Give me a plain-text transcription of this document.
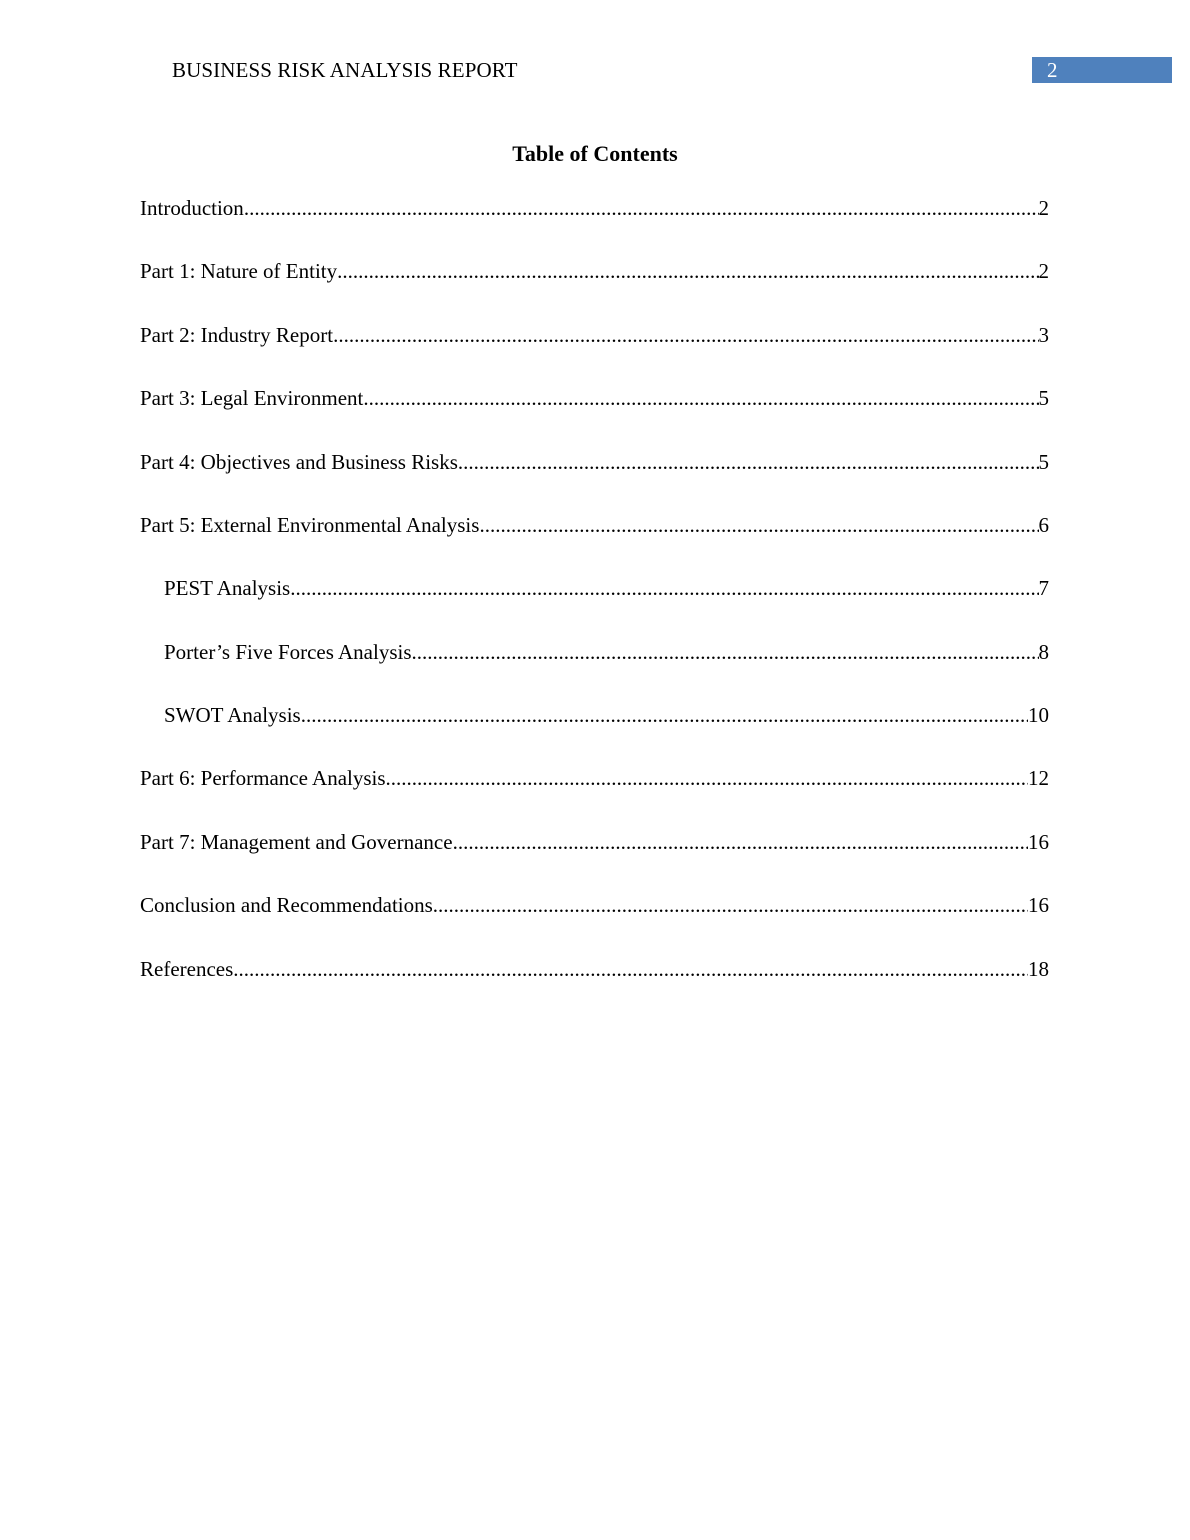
BUSINESS RISK ANALYSIS REPORT	2
Table of Contents
Introduction .....	2
Part 1: Nature of Entity .....	2
Part 2: Industry Report .....	3
Part 3: Legal Environment .....	5
Part 4: Objectives and Business Risks .....	5
Part 5: External Environmental Analysis .....	6
PEST Analysis .....	7
Porter’s Five Forces Analysis .....	8
SWOT Analysis .....	10
Part 6: Performance Analysis .....	12
Part 7: Management and Governance .....	16
Conclusion and Recommendations .....	16
References .....	18
